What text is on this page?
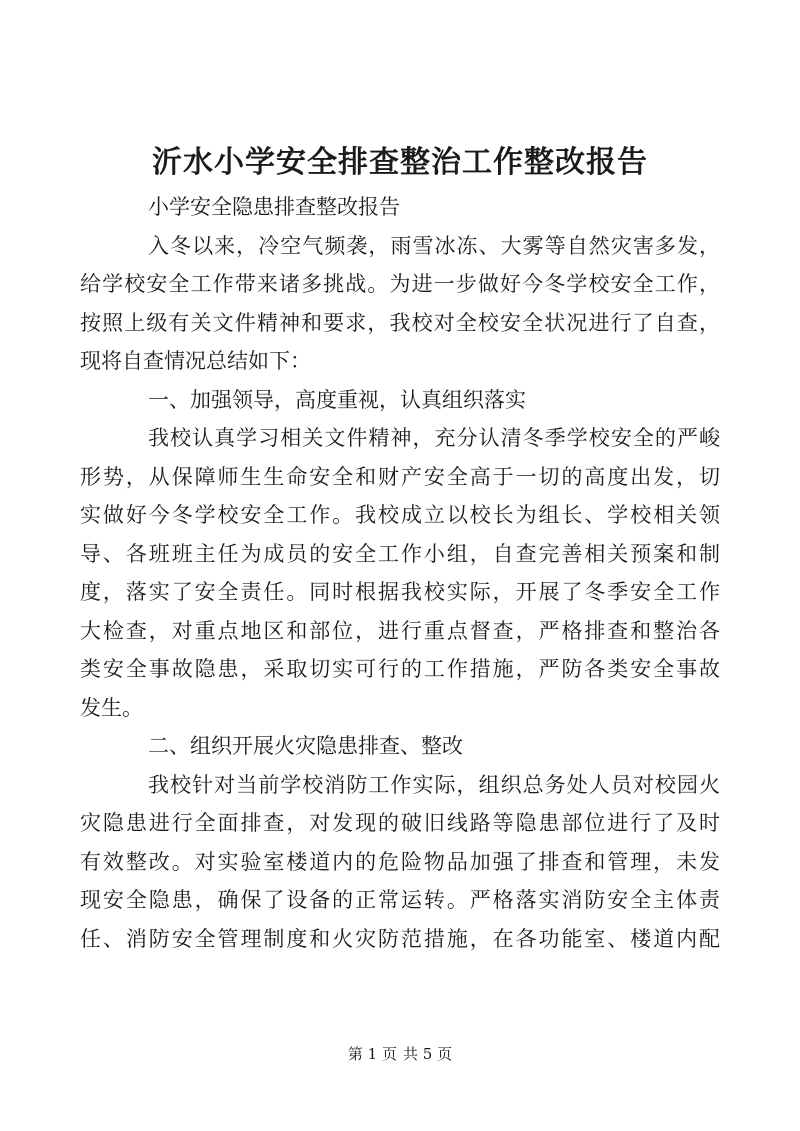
沂水小学安全排查整治工作整改报告
小学安全隐患排查整改报告
入冬以来，冷空气频袭，雨雪冰冻、大雾等自然灾害多发，
给学校安全工作带来诸多挑战。为进一步做好今冬学校安全工作，
按照上级有关文件精神和要求，我校对全校安全状况进行了自查，
现将自查情况总结如下：
一、加强领导，高度重视，认真组织落实
我校认真学习相关文件精神，充分认清冬季学校安全的严峻
形势，从保障师生生命安全和财产安全高于一切的高度出发，切
实做好今冬学校安全工作。我校成立以校长为组长、学校相关领
导、各班班主任为成员的安全工作小组，自查完善相关预案和制
度，落实了安全责任。同时根据我校实际，开展了冬季安全工作
大检查，对重点地区和部位，进行重点督查，严格排查和整治各
类安全事故隐患，采取切实可行的工作措施，严防各类安全事故
发生。
二、组织开展火灾隐患排查、整改
我校针对当前学校消防工作实际，组织总务处人员对校园火
灾隐患进行全面排查，对发现的破旧线路等隐患部位进行了及时
有效整改。对实验室楼道内的危险物品加强了排查和管理，未发
现安全隐患，确保了设备的正常运转。严格落实消防安全主体责
任、消防安全管理制度和火灾防范措施，在各功能室、楼道内配
第 1 页 共 5 页
